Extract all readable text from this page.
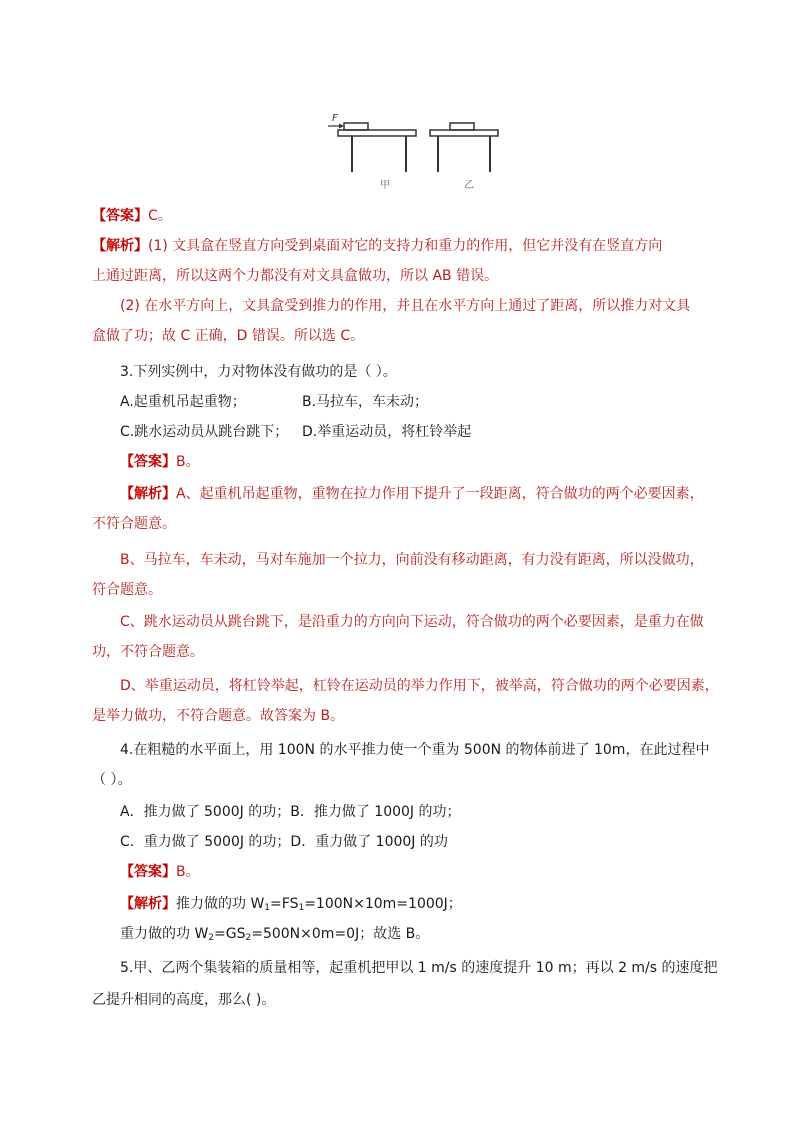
F
甲	乙
【答案】C。
【解析】(1) 文具盒在竖直方向受到桌面对它的支持力和重力的作用，但它并没有在竖直方向
上通过距离，所以这两个力都没有对文具盒做功，所以 AB 错误。
(2) 在水平方向上，文具盒受到推力的作用，并且在水平方向上通过了距离，所以推力对文具
盒做了功；故 C 正确，D 错误。所以选 C。
3.下列实例中，力对物体没有做功的是（ ）。
A.起重机吊起重物；	B.马拉车，车未动；
C.跳水运动员从跳台跳下； D.举重运动员，将杠铃举起
【答案】B。
【解析】A、起重机吊起重物，重物在拉力作用下提升了一段距离，符合做功的两个必要因素，
不符合题意。
B、马拉车，车未动，马对车施加一个拉力，向前没有移动距离，有力没有距离，所以没做功，
符合题意。
C、跳水运动员从跳台跳下，是沿重力的方向向下运动，符合做功的两个必要因素，是重力在做
功，不符合题意。
D、举重运动员，将杠铃举起，杠铃在运动员的举力作用下，被举高，符合做功的两个必要因素，
是举力做功，不符合题意。故答案为 B。
4.在粗糙的水平面上，用 100N 的水平推力使一个重为 500N 的物体前进了 10m，在此过程中
（ ）。
A．推力做了 5000J 的功；B．推力做了 1000J 的功；
C．重力做了 5000J 的功；D．重力做了 1000J 的功
【答案】B。
【解析】推力做的功 $W_1=FS_1=100N\times 10m=1000J$；
重力做的功 $W_2=GS_2=500N\times 0m=0J$；故选 B。
5.甲、乙两个集装箱的质量相等，起重机把甲以 1 m/s 的速度提升 10 m；再以 2 m/s 的速度把
乙提升相同的高度，那么( )。
